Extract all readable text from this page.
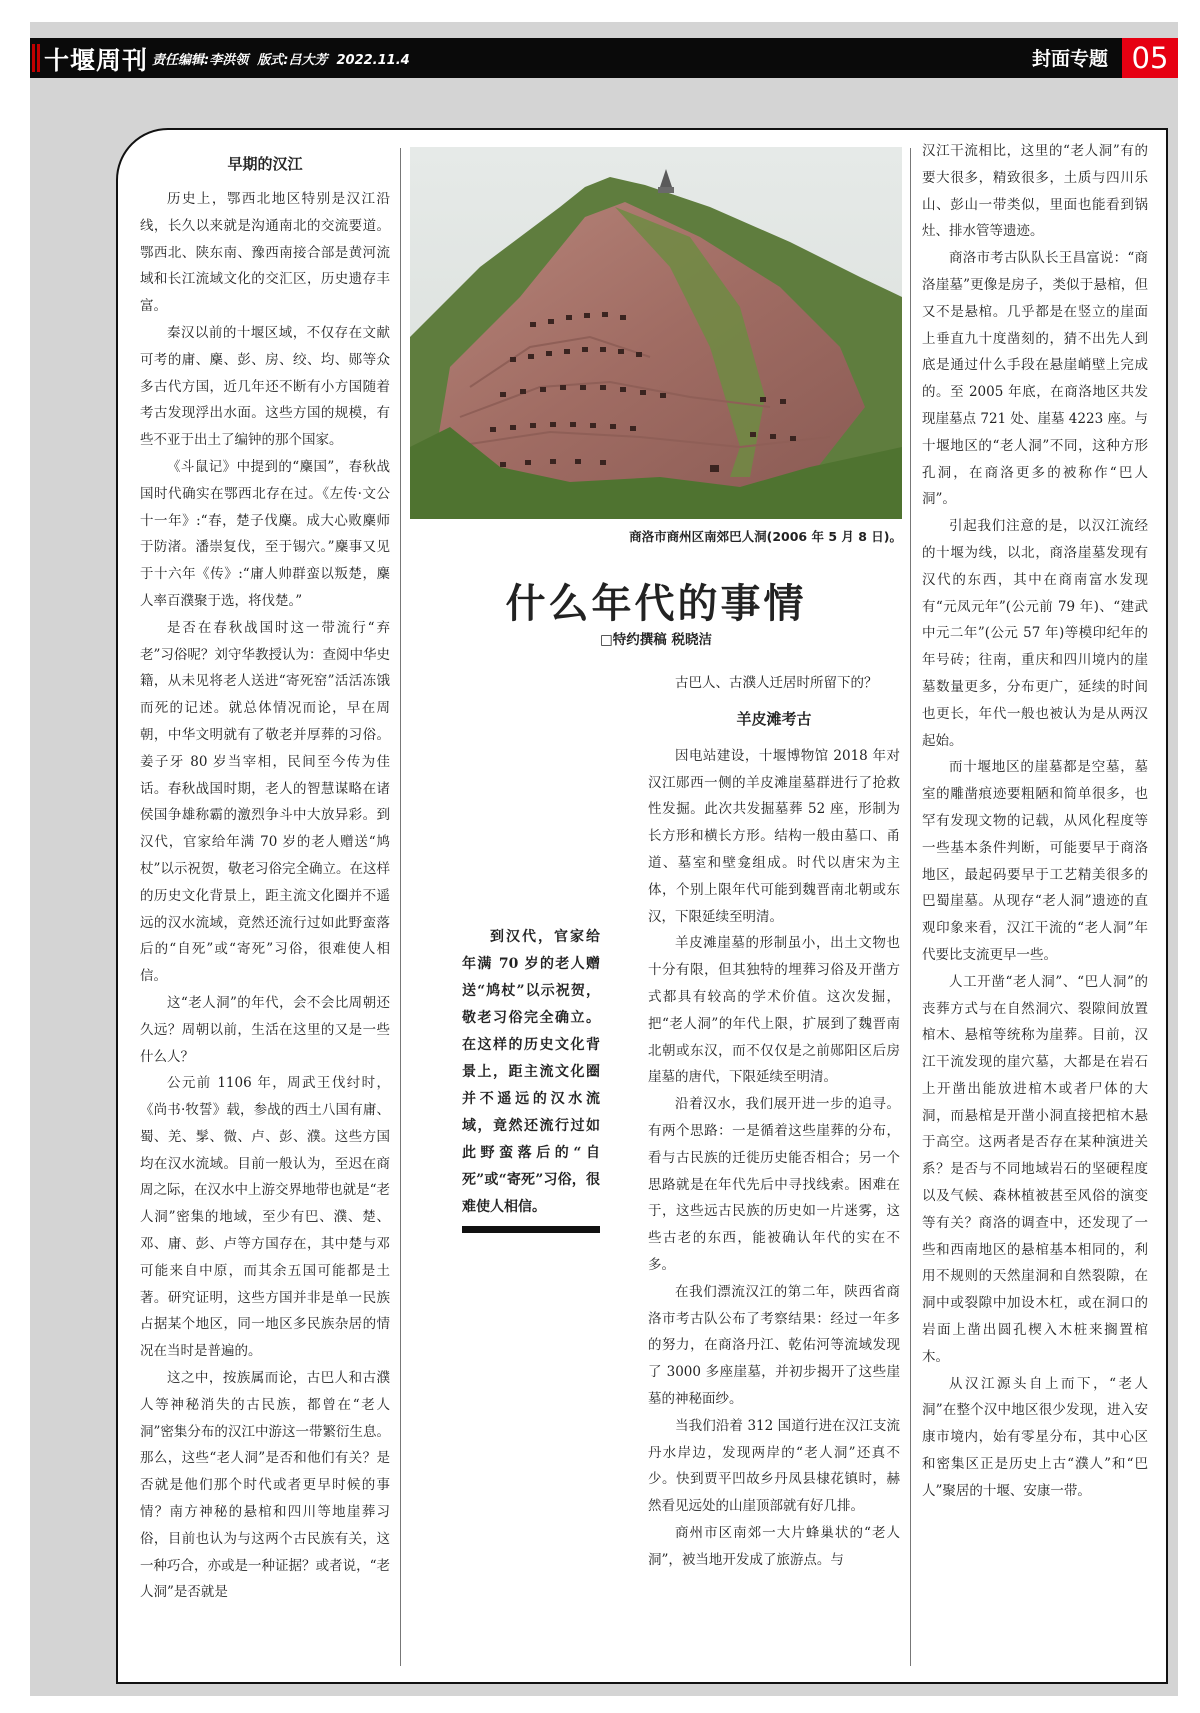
十堰周刊 责任编辑:李洪领  版式:吕大芳  2022.11.4	封面专题 05
早期的汉江

历史上，鄂西北地区特别是汉江沿线，长久以来就是沟通南北的交流要道。鄂西北、陕东南、豫西南接合部是黄河流域和长江流域文化的交汇区，历史遗存丰富。

秦汉以前的十堰区域，不仅存在文献可考的庸、麇、彭、房、绞、均、郧等众多古代方国，近几年还不断有小方国随着考古发现浮出水面。这些方国的规模，有些不亚于出土了编钟的那个国家。

《斗鼠记》中提到的“麇国”，春秋战国时代确实在鄂西北存在过。《左传·文公十一年》:“春，楚子伐麇。成大心败麇师于防渚。潘崇复伐，至于锡穴。”麇事又见于十六年《传》:“庸人帅群蛮以叛楚，麇人率百濮聚于选，将伐楚。”

是否在春秋战国时这一带流行“弃老”习俗呢？刘守华教授认为：查阅中华史籍，从未见将老人送进“寄死窑”活活冻饿而死的记述。就总体情况而论，早在周朝，中华文明就有了敬老并厚葬的习俗。姜子牙 80 岁当宰相，民间至今传为佳话。春秋战国时期，老人的智慧谋略在诸侯国争雄称霸的激烈争斗中大放异彩。到汉代，官家给年满 70 岁的老人赠送“鸠杖”以示祝贺，敬老习俗完全确立。在这样的历史文化背景上，距主流文化圈并不遥远的汉水流域，竟然还流行过如此野蛮落后的“自死”或“寄死”习俗，很难使人相信。

这“老人洞”的年代，会不会比周朝还久远？周朝以前，生活在这里的又是一些什么人？

公元前 1106 年，周武王伐纣时，《尚书·牧誓》载，参战的西土八国有庸、蜀、羌、髳、微、卢、彭、濮。这些方国均在汉水流域。目前一般认为，至迟在商周之际，在汉水中上游交界地带也就是“老人洞”密集的地域，至少有巴、濮、楚、邓、庸、彭、卢等方国存在，其中楚与邓可能来自中原，而其余五国可能都是土著。研究证明，这些方国并非是单一民族占据某个地区，同一地区多民族杂居的情况在当时是普遍的。

这之中，按族属而论，古巴人和古濮人等神秘消失的古民族，都曾在“老人洞”密集分布的汉江中游这一带繁衍生息。那么，这些“老人洞”是否和他们有关？是否就是他们那个时代或者更早时候的事情？南方神秘的悬棺和四川等地崖葬习俗，目前也认为与这两个古民族有关，这一种巧合，亦或是一种证据？或者说，“老人洞”是否就是

商洛市商州区南郊巴人洞(2006 年 5 月 8 日)。
什么年代的事情
□特约撰稿 税晓洁

到汉代，官家给年满 70 岁的老人赠送“鸠杖”以示祝贺，敬老习俗完全确立。在这样的历史文化背景上，距主流文化圈并不遥远的汉水流域，竟然还流行过如此野蛮落后的“自死”或“寄死”习俗，很难使人相信。

古巴人、古濮人迁居时所留下的？

羊皮滩考古

因电站建设，十堰博物馆 2018 年对汉江郧西一侧的羊皮滩崖墓群进行了抢救性发掘。此次共发掘墓葬 52 座，形制为长方形和横长方形。结构一般由墓口、甬道、墓室和壁龛组成。时代以唐宋为主体，个别上限年代可能到魏晋南北朝或东汉，下限延续至明清。

羊皮滩崖墓的形制虽小，出土文物也十分有限，但其独特的埋葬习俗及开凿方式都具有较高的学术价值。这次发掘，把“老人洞”的年代上限，扩展到了魏晋南北朝或东汉，而不仅仅是之前郧阳区后房崖墓的唐代，下限延续至明清。

沿着汉水，我们展开进一步的追寻。有两个思路：一是循着这些崖葬的分布，看与古民族的迁徙历史能否相合；另一个思路就是在年代先后中寻找线索。困难在于，这些远古民族的历史如一片迷雾，这些古老的东西，能被确认年代的实在不多。

在我们漂流汉江的第二年，陕西省商洛市考古队公布了考察结果：经过一年多的努力，在商洛丹江、乾佑河等流域发现了 3000 多座崖墓，并初步揭开了这些崖墓的神秘面纱。

当我们沿着 312 国道行进在汉江支流丹水岸边，发现两岸的“老人洞”还真不少。快到贾平凹故乡丹凤县棣花镇时，赫然看见远处的山崖顶部就有好几排。

商州市区南郊一大片蜂巢状的“老人洞”，被当地开发成了旅游点。与

汉江干流相比，这里的“老人洞”有的要大很多，精致很多，土质与四川乐山、彭山一带类似，里面也能看到锅灶、排水管等遗迹。

商洛市考古队队长王昌富说：“商洛崖墓”更像是房子，类似于悬棺，但又不是悬棺。几乎都是在竖立的崖面上垂直九十度凿刻的，猜不出先人到底是通过什么手段在悬崖峭壁上完成的。至 2005 年底，在商洛地区共发现崖墓点 721 处、崖墓 4223 座。与十堰地区的“老人洞”不同，这种方形孔洞，在商洛更多的被称作“巴人洞”。

引起我们注意的是，以汉江流经的十堰为线，以北，商洛崖墓发现有汉代的东西，其中在商南富水发现有“元凤元年”(公元前 79 年)、“建武中元二年”(公元 57 年)等模印纪年的年号砖；往南，重庆和四川境内的崖墓数量更多，分布更广，延续的时间也更长，年代一般也被认为是从两汉起始。

而十堰地区的崖墓都是空墓，墓室的雕凿痕迹要粗陋和简单很多，也罕有发现文物的记载，从风化程度等一些基本条件判断，可能要早于商洛地区，最起码要早于工艺精美很多的巴蜀崖墓。从现存“老人洞”遗迹的直观印象来看，汉江干流的“老人洞”年代要比支流更早一些。

人工开凿“老人洞”、“巴人洞”的丧葬方式与在自然洞穴、裂隙间放置棺木、悬棺等统称为崖葬。目前，汉江干流发现的崖穴墓，大都是在岩石上开凿出能放进棺木或者尸体的大洞，而悬棺是开凿小洞直接把棺木悬于高空。这两者是否存在某种演进关系？是否与不同地域岩石的坚硬程度以及气候、森林植被甚至风俗的演变等有关？商洛的调查中，还发现了一些和西南地区的悬棺基本相同的，利用不规则的天然崖洞和自然裂隙，在洞中或裂隙中加设木杠，或在洞口的岩面上凿出圆孔楔入木桩来搁置棺木。

从汉江源头自上而下，“老人洞”在整个汉中地区很少发现，进入安康市境内，始有零星分布，其中心区和密集区正是历史上古“濮人”和“巴人”聚居的十堰、安康一带。
